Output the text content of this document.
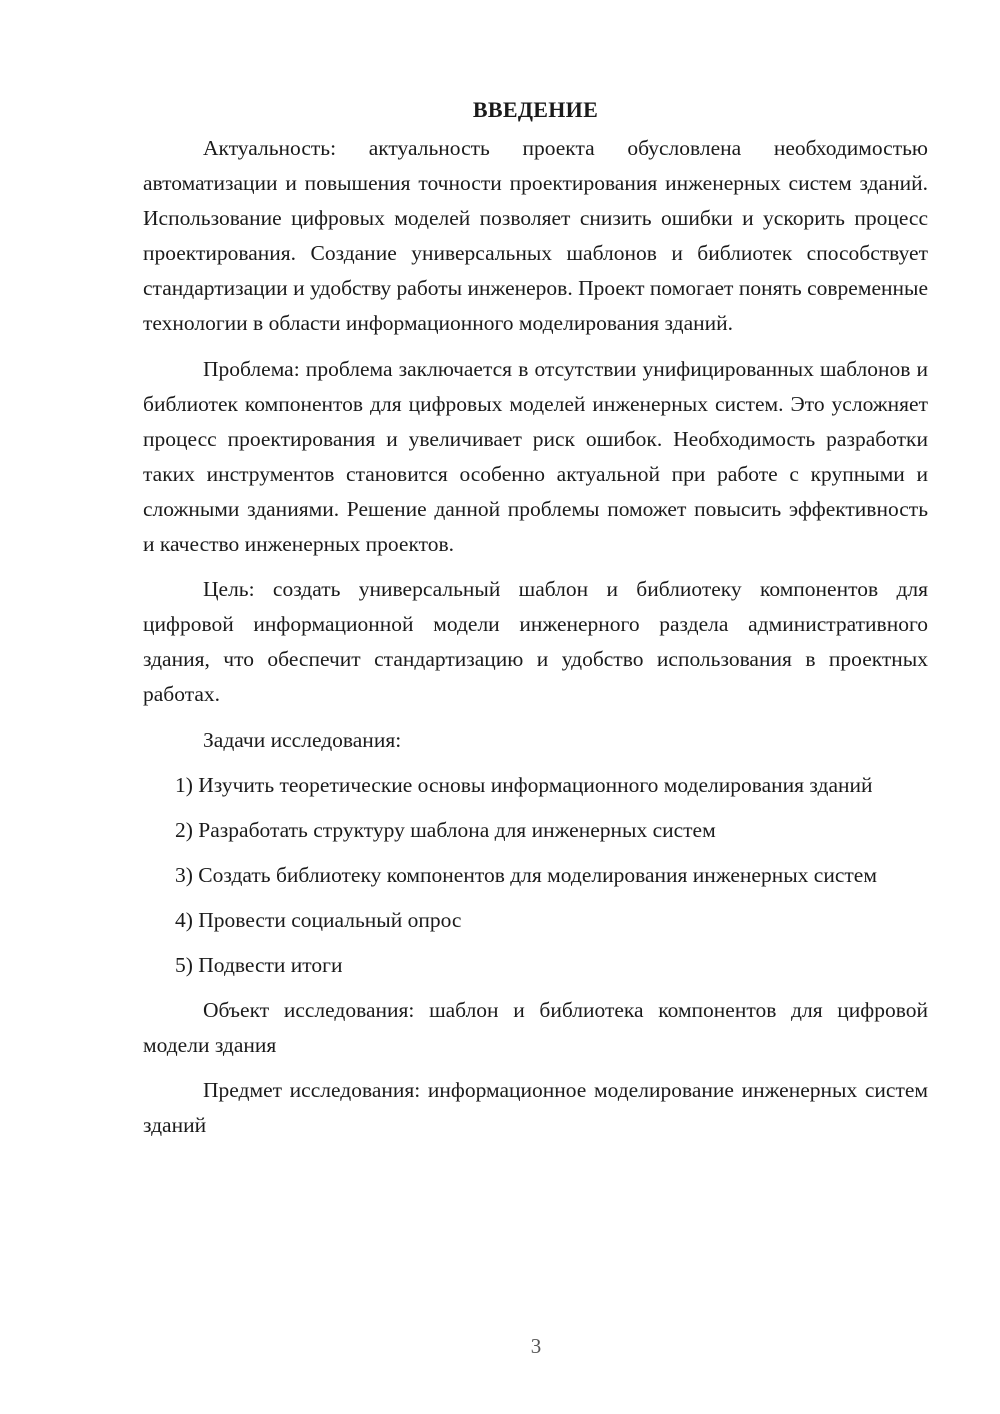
ВВЕДЕНИЕ

Актуальность: актуальность проекта обусловлена необходимостью автоматизации и повышения точности проектирования инженерных систем зданий. Использование цифровых моделей позволяет снизить ошибки и ускорить процесс проектирования. Создание универсальных шаблонов и библиотек способствует стандартизации и удобству работы инженеров. Проект помогает понять современные технологии в области информационного моделирования зданий.

Проблема: проблема заключается в отсутствии унифицированных шаблонов и библиотек компонентов для цифровых моделей инженерных систем. Это усложняет процесс проектирования и увеличивает риск ошибок. Необходимость разработки таких инструментов становится особенно актуальной при работе с крупными и сложными зданиями. Решение данной проблемы поможет повысить эффективность и качество инженерных проектов.

Цель: создать универсальный шаблон и библиотеку компонентов для цифровой информационной модели инженерного раздела административного здания, что обеспечит стандартизацию и удобство использования в проектных работах.

Задачи исследования:

1) Изучить теоретические основы информационного моделирования зданий

2) Разработать структуру шаблона для инженерных систем

3) Создать библиотеку компонентов для моделирования инженерных систем

4) Провести социальный опрос

5) Подвести итоги

Объект исследования: шаблон и библиотека компонентов для цифровой модели здания

Предмет исследования: информационное моделирование инженерных систем зданий

3
